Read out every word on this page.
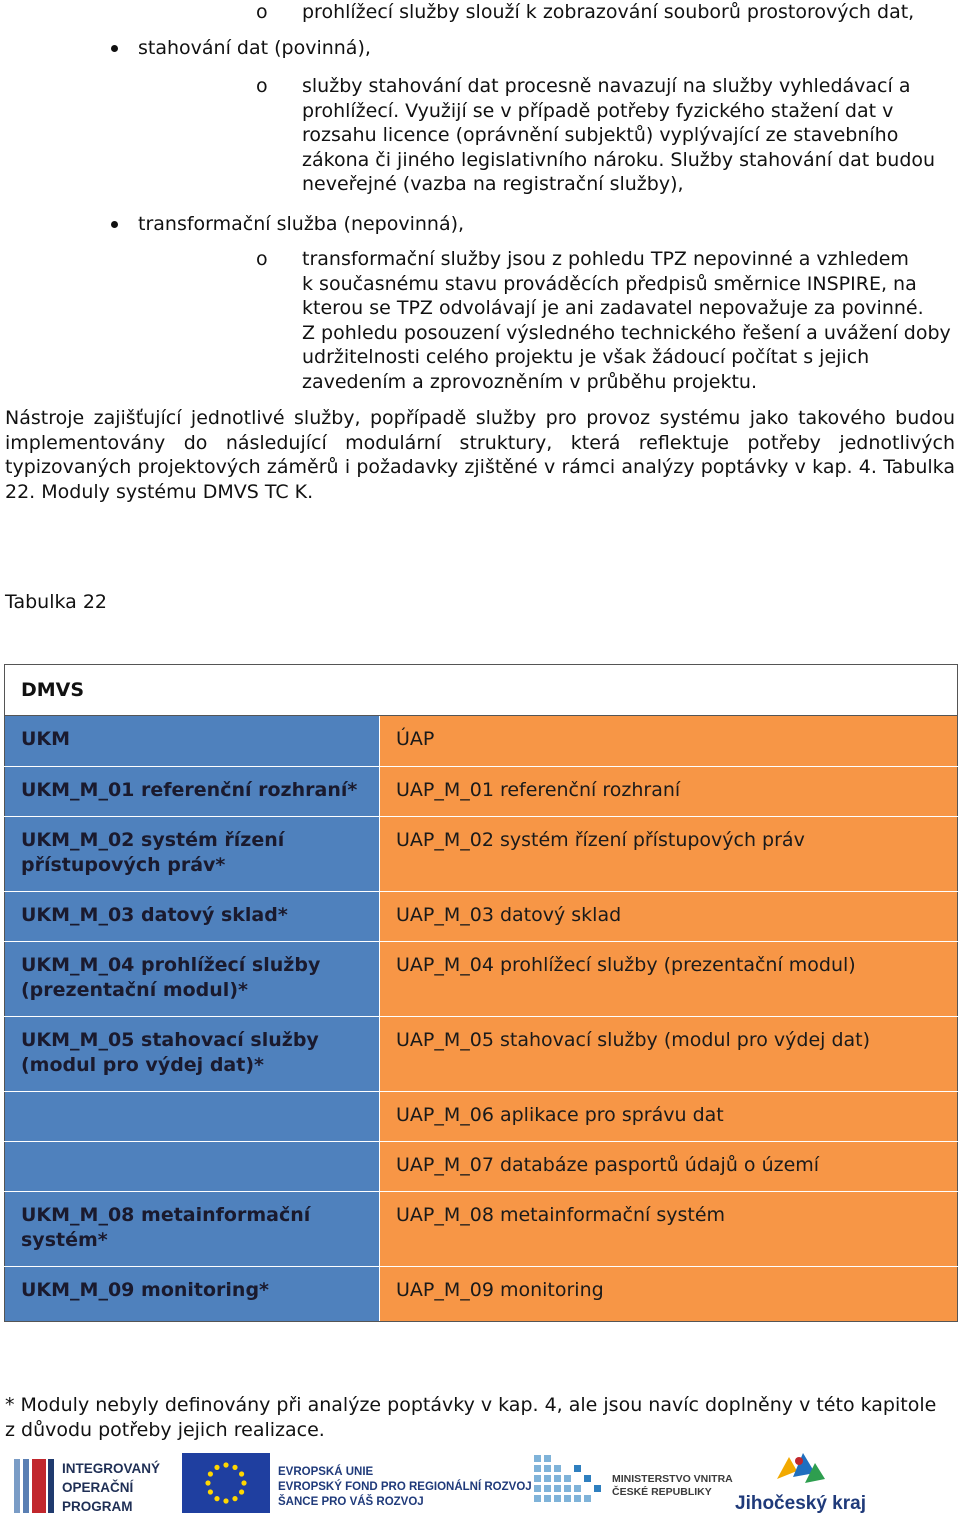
o prohlížecí služby slouží k zobrazování souborů prostorových dat,
stahování dat (povinná),
o služby stahování dat procesně navazují na služby vyhledávací a
prohlížecí. Využijí se v případě potřeby fyzického stažení dat v
rozsahu licence (oprávnění subjektů) vyplývající ze stavebního
zákona či jiného legislativního nároku. Služby stahování dat budou
neveřejné (vazba na registrační služby),
transformační služba (nepovinná),
o transformační služby jsou z pohledu TPZ nepovinné a vzhledem
k současnému stavu prováděcích předpisů směrnice INSPIRE, na
kterou se TPZ odvolávají je ani zadavatel nepovažuje za povinné.
Z pohledu posouzení výsledného technického řešení a uvážení doby
udržitelnosti celého projektu je však žádoucí počítat s jejich
zavedením a zprovozněním v průběhu projektu.
Nástroje zajišťující jednotlivé služby, popřípadě služby pro provoz systému jako takového budou
implementovány do následující modulární struktury, která reflektuje potřeby jednotlivých
typizovaných projektových záměrů i požadavky zjištěné v rámci analýzy poptávky v kap. 4. Tabulka
22. Moduly systému DMVS TC K.
Tabulka 22
DMVS	
UKM	ÚAP
UKM_M_01 referenční rozhraní*	UAP_M_01 referenční rozhraní
UKM_M_02 systém řízení přístupových práv*	UAP_M_02 systém řízení přístupových práv
UKM_M_03 datový sklad*	UAP_M_03 datový sklad
UKM_M_04 prohlížecí služby (prezentační modul)*	UAP_M_04 prohlížecí služby (prezentační modul)
UKM_M_05 stahovací služby (modul pro výdej dat)*	UAP_M_05 stahovací služby (modul pro výdej dat)
	UAP_M_06 aplikace pro správu dat
	UAP_M_07 databáze pasportů údajů o území
UKM_M_08 metainformační systém*	UAP_M_08 metainformační systém
UKM_M_09 monitoring*	UAP_M_09 monitoring
* Moduly nebyly definovány při analýze poptávky v kap. 4, ale jsou navíc doplněny v této kapitole
z důvodu potřeby jejich realizace.
INTEGROVANÝ
OPERAČNÍ
PROGRAM
EVROPSKÁ UNIE
EVROPSKÝ FOND PRO REGIONÁLNÍ ROZVOJ
ŠANCE PRO VÁŠ ROZVOJ
MINISTERSTVO VNITRA
ČESKÉ REPUBLIKY
Jihočeský kraj
